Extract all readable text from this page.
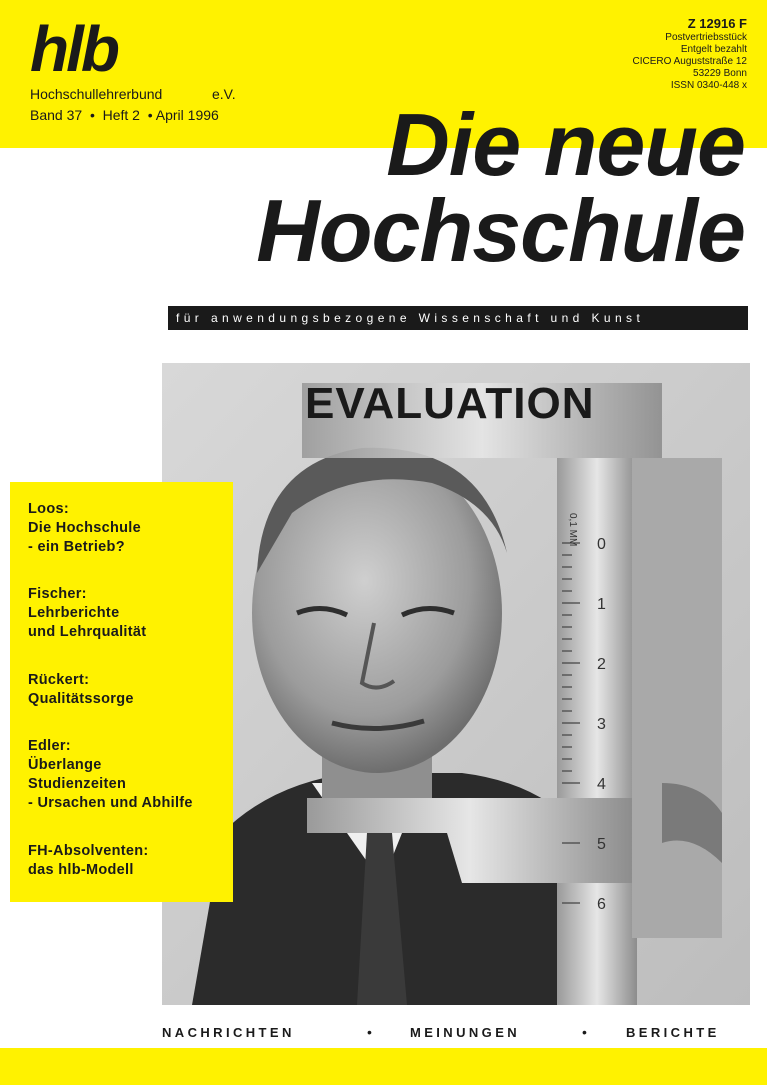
hlb
Hochschullehrerbund	e.V.
Band 37  •  Heft 2  • April 1996
Z 12916 F
Postvertriebsstück
Entgelt bezahlt
CICERO Auguststraße 12
53229 Bonn
ISSN 0340-448 x
Die neue
Hochschule
für anwendungsbezogene Wissenschaft und Kunst
0
1
2
3
4
5
6
0,1 MM
EVALUATION
Loos:
Die Hochschule
- ein Betrieb?
Fischer:
Lehrberichte
und Lehrqualität
Rückert:
Qualitätssorge
Edler:
Überlange
Studienzeiten
- Ursachen und Abhilfe
FH-Absolventen:
das hlb-Modell
NACHRICHTEN	•	MEINUNGEN	•	BERICHTE
